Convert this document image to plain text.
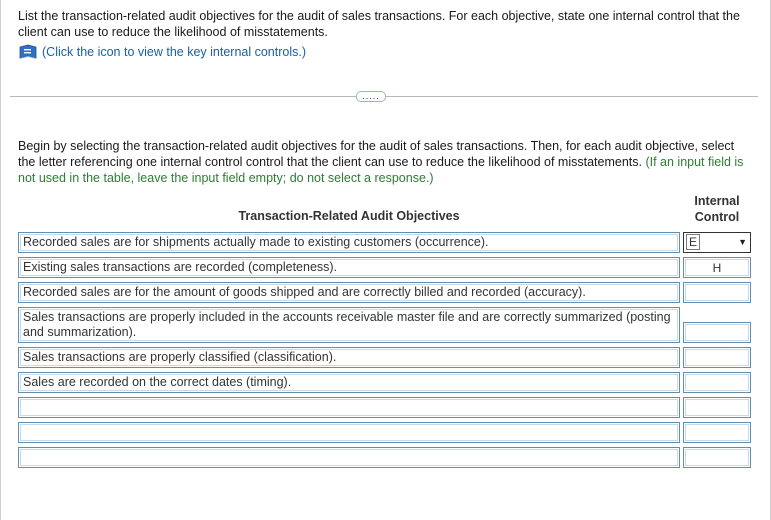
List the transaction-related audit objectives for the audit of sales transactions. For each objective, state one internal control that the client can use to reduce the likelihood of misstatements.
(Click the icon to view the key internal controls.)
.....
Begin by selecting the transaction-related audit objectives for the audit of sales transactions. Then, for each audit objective, select the letter referencing one internal control control that the client can use to reduce the likelihood of misstatements. (If an input field is not used in the table, leave the input field empty; do not select a response.)
Transaction-Related Audit Objectives
Internal Control
Recorded sales are for shipments actually made to existing customers (occurrence).	E	▼
Existing sales transactions are recorded (completeness).	H
Recorded sales are for the amount of goods shipped and are correctly billed and recorded (accuracy).
Sales transactions are properly included in the accounts receivable master file and are correctly summarized (posting and summarization).
Sales transactions are properly classified (classification).
Sales are recorded on the correct dates (timing).
